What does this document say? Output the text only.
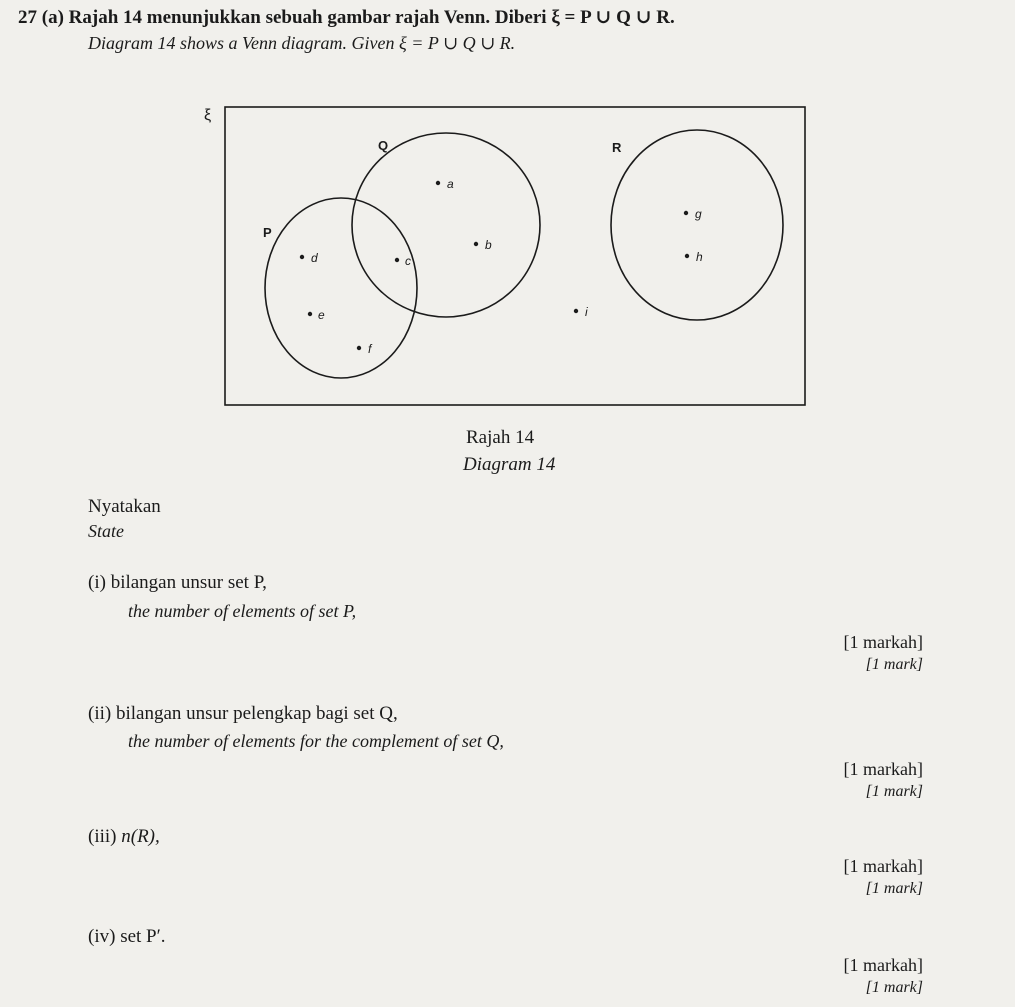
27 (a) Rajah 14 menunjukkan sebuah gambar rajah Venn. Diberi ξ = P ∪ Q ∪ R.
Diagram 14 shows a Venn diagram. Given ξ = P ∪ Q ∪ R.
ξ
Q
P
R
a
b
c
d
e
f
g
h
i
Rajah 14
Diagram 14
Nyatakan
State
(i) bilangan unsur set P,
the number of elements of set P,
[1 markah]
[1 mark]
(ii) bilangan unsur pelengkap bagi set Q,
the number of elements for the complement of set Q,
[1 markah]
[1 mark]
(iii) n(R),
[1 markah]
[1 mark]
(iv) set P′.
[1 markah]
[1 mark]
